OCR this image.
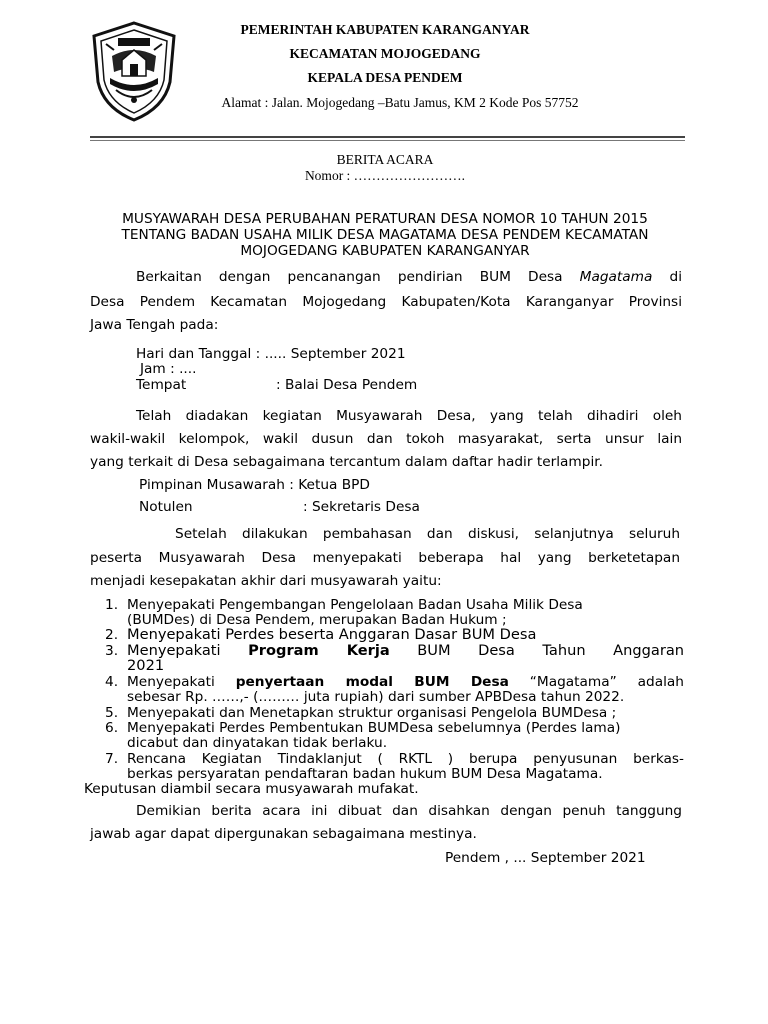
PEMERINTAH KABUPATEN KARANGANYAR
KECAMATAN MOJOGEDANG
KEPALA DESA PENDEM
Alamat : Jalan. Mojogedang –Batu Jamus, KM 2 Kode Pos 57752
BERITA ACARA
Nomor : …………………….
MUSYAWARAH DESA PERUBAHAN PERATURAN DESA NOMOR 10 TAHUN 2015
TENTANG BADAN USAHA MILIK DESA MAGATAMA DESA PENDEM KECAMATAN
MOJOGEDANG KABUPATEN KARANGANYAR
Berkaitan dengan pencanangan pendirian BUM Desa Magatama di
Desa Pendem Kecamatan Mojogedang Kabupaten/Kota Karanganyar Provinsi
Jawa Tengah pada:
Hari dan Tanggal : ..... September 2021
Jam : ....
Tempat	: Balai Desa Pendem
Telah diadakan kegiatan Musyawarah Desa, yang telah dihadiri oleh
wakil-wakil kelompok, wakil dusun dan tokoh masyarakat, serta unsur lain
yang terkait di Desa sebagaimana tercantum dalam daftar hadir terlampir.
Pimpinan Musawarah : Ketua BPD
Notulen	: Sekretaris Desa
Setelah dilakukan pembahasan dan diskusi, selanjutnya seluruh
peserta Musyawarah Desa menyepakati beberapa hal yang berketetapan
menjadi kesepakatan akhir dari musyawarah yaitu:
1. Menyepakati Pengembangan Pengelolaan Badan Usaha Milik Desa
(BUMDes) di Desa Pendem, merupakan Badan Hukum ;
2. Menyepakati Perdes beserta Anggaran Dasar BUM Desa
3. Menyepakati Program Kerja BUM Desa Tahun Anggaran
2021
4. Menyepakati penyertaan modal BUM Desa “Magatama” adalah
sebesar Rp. ……,- (……… juta rupiah) dari sumber APBDesa tahun 2022.
5. Menyepakati dan Menetapkan struktur organisasi Pengelola BUMDesa ;
6. Menyepakati Perdes Pembentukan BUMDesa sebelumnya (Perdes lama)
dicabut dan dinyatakan tidak berlaku.
7. Rencana Kegiatan Tindaklanjut ( RKTL ) berupa penyusunan berkas-
berkas persyaratan pendaftaran badan hukum BUM Desa Magatama.
Keputusan diambil secara musyawarah mufakat.
Demikian berita acara ini dibuat dan disahkan dengan penuh tanggung
jawab agar dapat dipergunakan sebagaimana mestinya.
Pendem , ... September 2021
